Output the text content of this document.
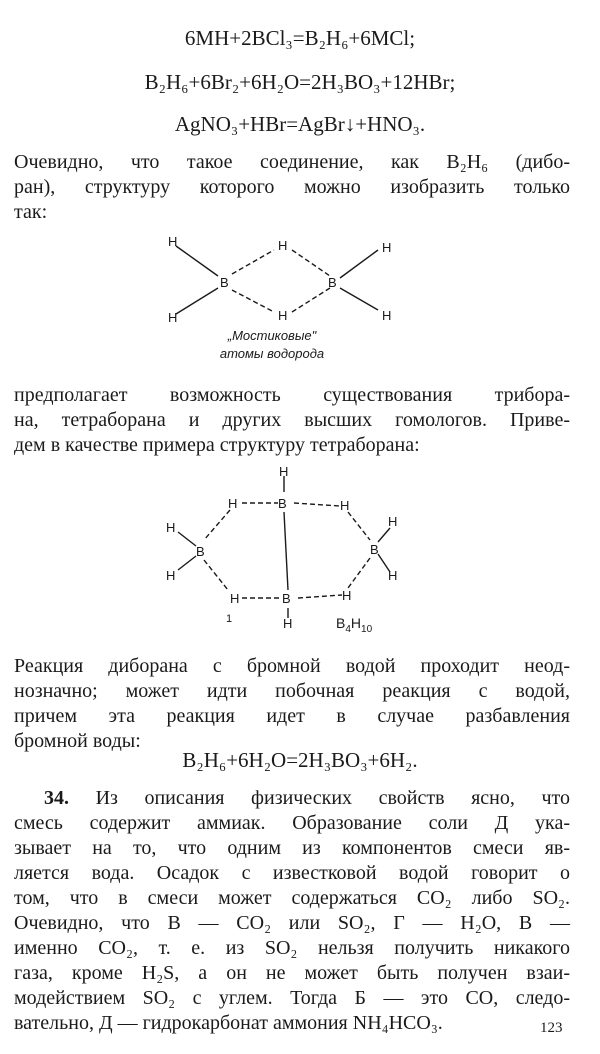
6MH+2BCl₃=B₂H₆+6MCl;
B₂H₆+6Br₂+6H₂O=2H₃BO₃+12HBr;
AgNO₃+HBr=AgBr↓+HNO₃.
Очевидно, что такое соединение, как B₂H₆ (дибо-
ран), структуру которого можно изобразить только
так:
H
H
B
H
H
B
H
H
„Мостиковые"
атомы водорода
предполагает возможность существования трибора-
на, тетраборана и других высших гомологов. Приве-
дем в качестве примера структуру тетраборана:
H
B
H	H
H
H
B	B
H
H
H	B	H
H
1	$B_4H_{10}$
Реакция диборана с бромной водой проходит неод-
нозначно; может идти побочная реакция с водой,
причем эта реакция идет в случае разбавления
бромной воды:
B₂H₆+6H₂O=2H₃BO₃+6H₂.
34. Из описания физических свойств ясно, что
смесь содержит аммиак. Образование соли Д ука-
зывает на то, что одним из компонентов смеси яв-
ляется вода. Осадок с известковой водой говорит о
том, что в смеси может содержаться CO₂ либо SO₂.
Очевидно, что В — CO₂ или SO₂, Г — H₂O, В —
именно CO₂, т. е. из SO₂ нельзя получить никакого
газа, кроме H₂S, а он не может быть получен взаи-
модействием SO₂ с углем. Тогда Б — это CO, следо-
вательно, Д — гидрокарбонат аммония NH₄HCO₃.	123
